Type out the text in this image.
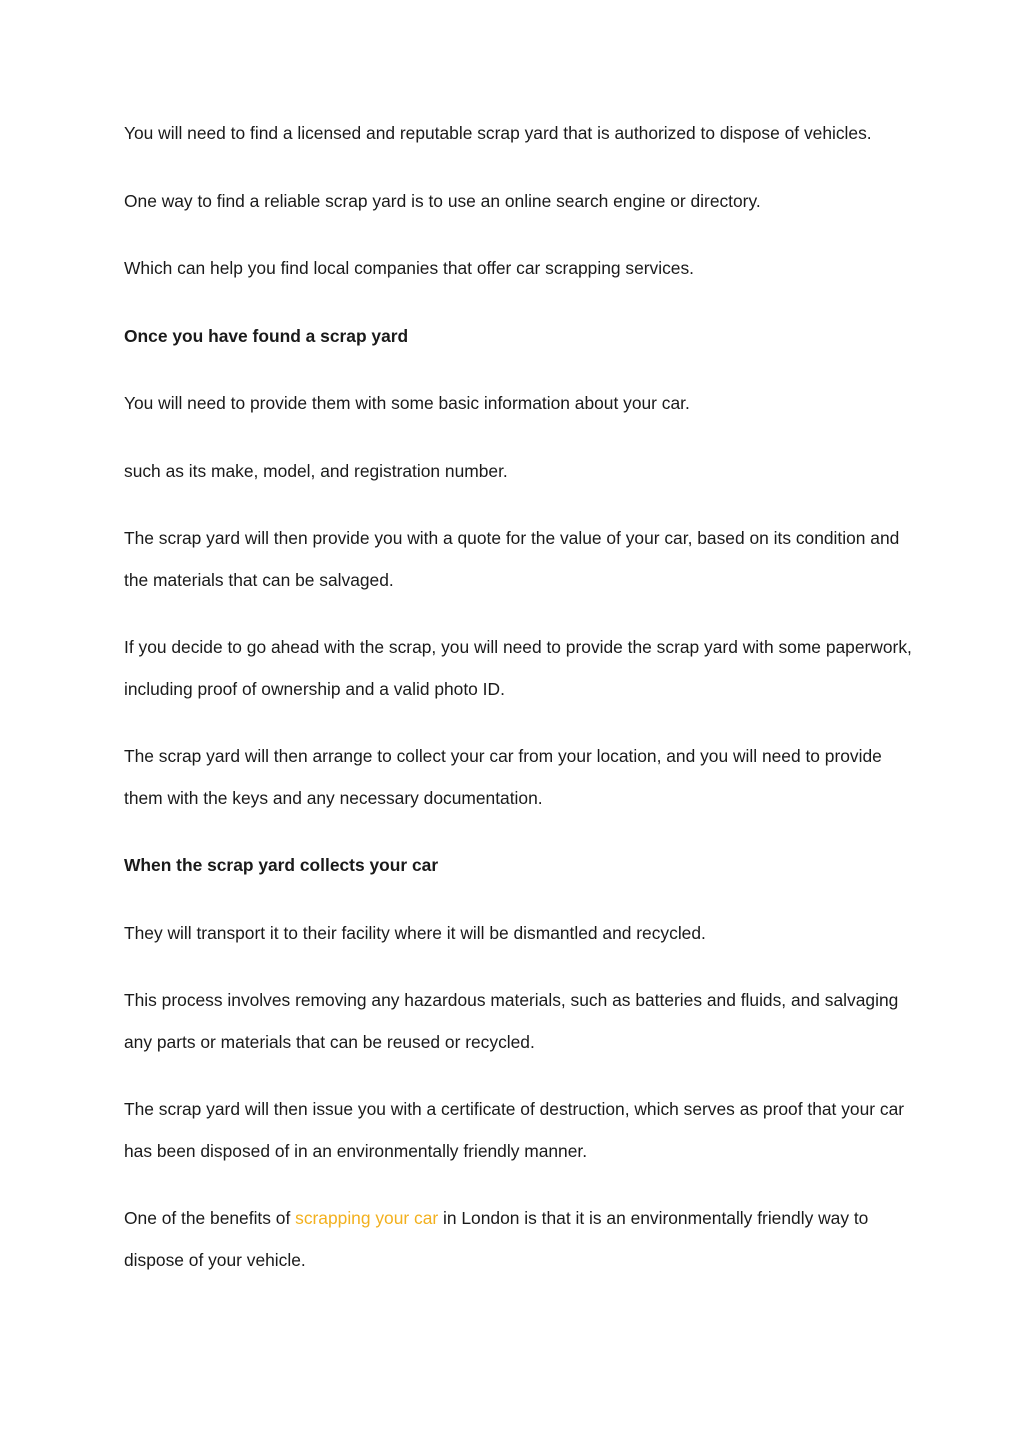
You will need to find a licensed and reputable scrap yard that is authorized to dispose of vehicles.

One way to find a reliable scrap yard is to use an online search engine or directory.

Which can help you find local companies that offer car scrapping services.

Once you have found a scrap yard

You will need to provide them with some basic information about your car.

such as its make, model, and registration number.

The scrap yard will then provide you with a quote for the value of your car, based on its condition and the materials that can be salvaged.

If you decide to go ahead with the scrap, you will need to provide the scrap yard with some paperwork, including proof of ownership and a valid photo ID.

The scrap yard will then arrange to collect your car from your location, and you will need to provide them with the keys and any necessary documentation.

When the scrap yard collects your car

They will transport it to their facility where it will be dismantled and recycled.

This process involves removing any hazardous materials, such as batteries and fluids, and salvaging any parts or materials that can be reused or recycled.

The scrap yard will then issue you with a certificate of destruction, which serves as proof that your car has been disposed of in an environmentally friendly manner.

One of the benefits of scrapping your car in London is that it is an environmentally friendly way to dispose of your vehicle.
